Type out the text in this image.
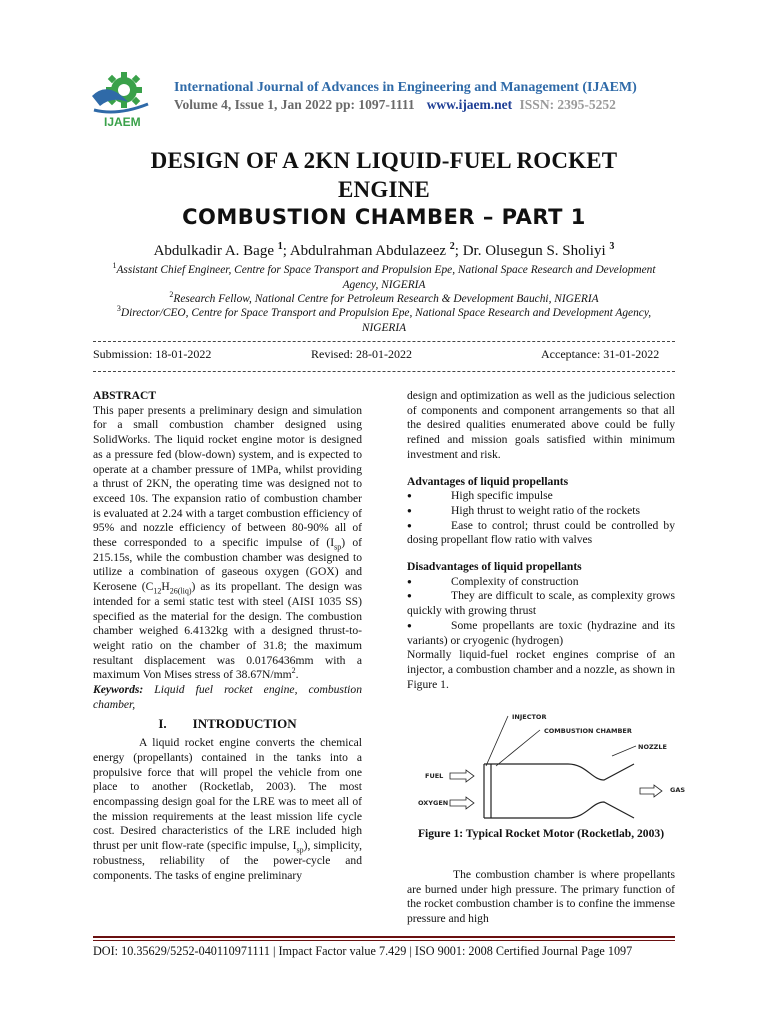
IJAEM
International Journal of Advances in Engineering and Management (IJAEM)
Volume 4, Issue 1, Jan 2022 pp: 1097-1111 www.ijaem.net ISSN: 2395-5252
DESIGN OF A 2KN LIQUID-FUEL ROCKET
ENGINE
COMBUSTION CHAMBER – PART 1
Abdulkadir A. Bage $^1$; Abdulrahman Abdulazeez $^2$; Dr. Olusegun S. Sholiyi $^3$
$^1$Assistant Chief Engineer, Centre for Space Transport and Propulsion Epe, National Space Research and Development Agency, NIGERIA
$^2$Research Fellow, National Centre for Petroleum Research & Development Bauchi, NIGERIA
$^3$Director/CEO, Centre for Space Transport and Propulsion Epe, National Space Research and Development Agency, NIGERIA
Submission: 18-01-2022	Revised: 28-01-2022	Acceptance: 31-01-2022
ABSTRACT

This paper presents a preliminary design and simulation for a small combustion chamber designed using SolidWorks. The liquid rocket engine motor is designed as a pressure fed (blow-down) system, and is expected to operate at a chamber pressure of 1MPa, whilst providing a thrust of 2KN, the operating time was designed not to exceed 10s. The expansion ratio of combustion chamber is evaluated at 2.24 with a target combustion efficiency of 95% and nozzle efficiency of between 80-90% all of these corresponded to a specific impulse of $(I_{sp})$ of 215.15s, while the combustion chamber was designed to utilize a combination of gaseous oxygen (GOX) and Kerosene $(C_{12}H_{26(liq)})$ as its propellant. The design was intended for a semi static test with steel (AISI 1035 SS) specified as the material for the design. The combustion chamber weighed 6.4132kg with a designed thrust-to-weight ratio on the chamber of 31.8; the maximum resultant displacement was 0.0176436mm with a maximum Von Mises stress of $38.67N/mm^2$.

Keywords: Liquid fuel rocket engine, combustion chamber,

I. INTRODUCTION

A liquid rocket engine converts the chemical energy (propellants) contained in the tanks into a propulsive force that will propel the vehicle from one place to another (Rocketlab, 2003). The most encompassing design goal for the LRE was to meet all of the mission requirements at the least mission life cycle cost. Desired characteristics of the LRE included high thrust per unit flow-rate (specific impulse, $I_{sp}$), simplicity, robustness, reliability of the power-cycle and components. The tasks of engine preliminary

design and optimization as well as the judicious selection of components and component arrangements so that all the desired qualities enumerated above could be fully refined and mission goals satisfied within minimum investment and risk.

Advantages of liquid propellants
●
High specific impulse
●
High thrust to weight ratio of the rockets
●
Ease to control; thrust could be controlled by dosing propellant flow ratio with valves
Disadvantages of liquid propellants
●
Complexity of construction
●
They are difficult to scale, as complexity grows quickly with growing thrust
●
Some propellants are toxic (hydrazine and its variants) or cryogenic (hydrogen)

Normally liquid-fuel rocket engines comprise of an injector, a combustion chamber and a nozzle, as shown in Figure 1.

INJECTOR
COMBUSTION CHAMBER
NOZZLE
FUEL
OXYGEN
GAS
Figure 1: Typical Rocket Motor (Rocketlab, 2003)
The combustion chamber is where propellants are burned under high pressure. The primary function of the rocket combustion chamber is to confine the immense pressure and high
DOI: 10.35629/5252-040110971111 | Impact Factor value 7.429 | ISO 9001: 2008 Certified Journal Page 1097
